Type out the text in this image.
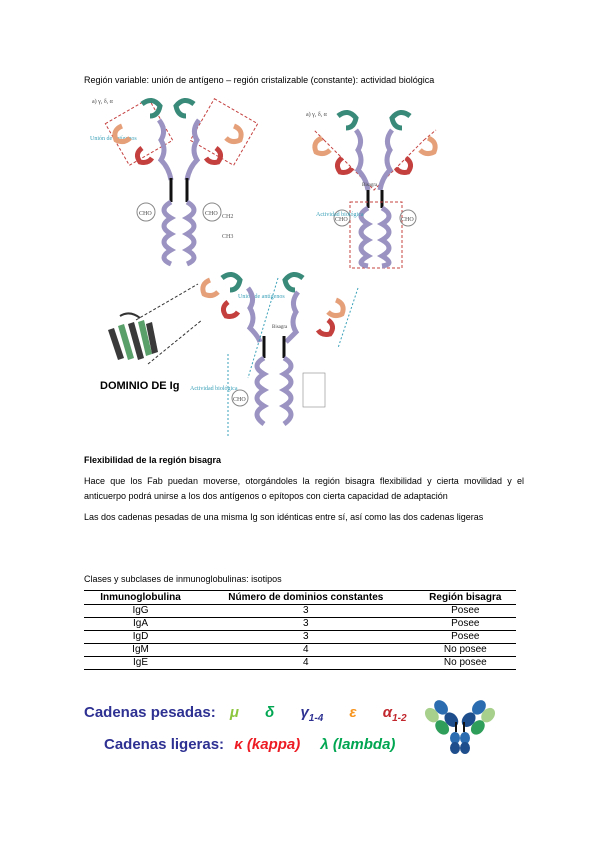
Región variable: unión de antígeno – región cristalizable (constante): actividad biológica
a) γ, δ, α
Unión de antígenos
CHO	CHO CH2
CH3
a) γ, δ, α
Bisagra
CHO	CHO
Actividad biológica
Unión de antígenos
Bisagra
Actividad biológica
CHO
DOMINIO DE Ig
Flexibilidad de la región bisagra
Hace que los Fab puedan moverse, otorgándoles la región bisagra flexibilidad y cierta movilidad y el anticuerpo podrá unirse a los dos antígenos o epítopos con cierta capacidad de adaptación
Las dos cadenas pesadas de una misma Ig son idénticas entre sí, así como las dos cadenas ligeras
Clases y subclases de inmunoglobulinas: isotipos
Inmunoglobulina	Número de dominios constantes	Región bisagra
IgG	3	Posee
IgA	3	Posee
IgD	3	Posee
IgM	4	No posee
IgE	4	No posee
Cadenas pesadas: μ δ $\gamma_{1-4}$ ε $\alpha_{1-2}$
Cadenas ligeras: κ (kappa) λ (lambda)
